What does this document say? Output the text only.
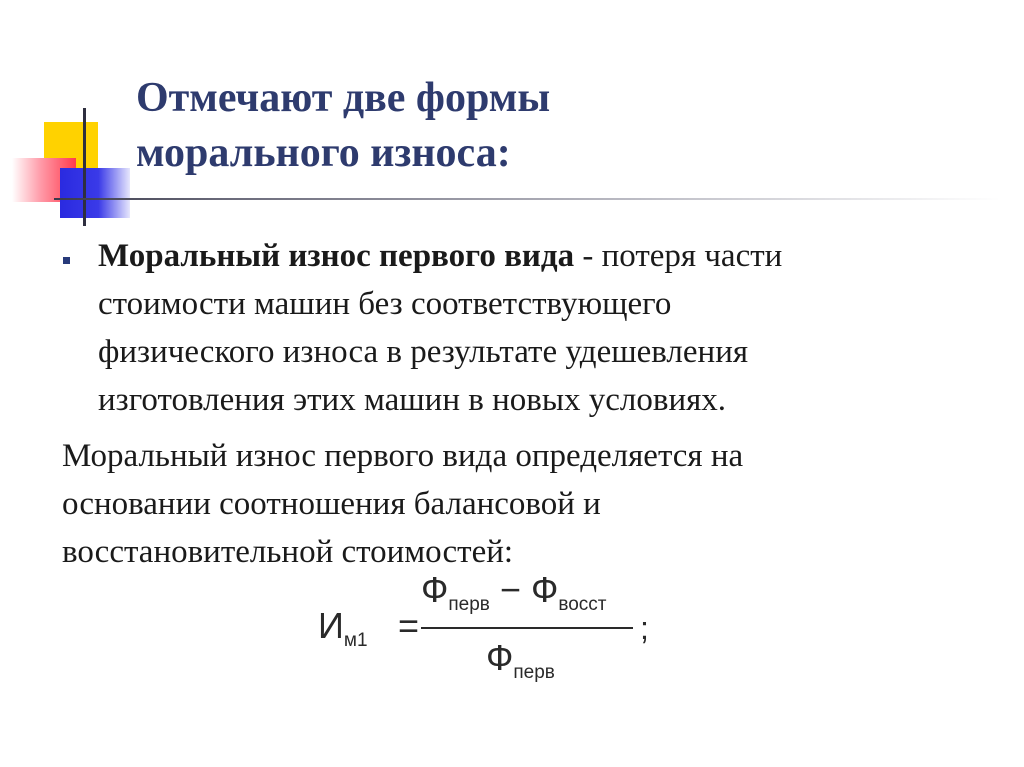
Отмечают две формы
морального износа:
Моральный износ первого вида - потеря части
стоимости машин без соответствующего
физического износа в результате удешевления
изготовления этих машин в новых условиях.
Моральный износ первого вида определяется на
основании соотношения балансовой и
восстановительной стоимостей:
$И_{м1}$ =
$Ф_{перв} - Ф_{восст}$
$Ф_{перв}$
;
